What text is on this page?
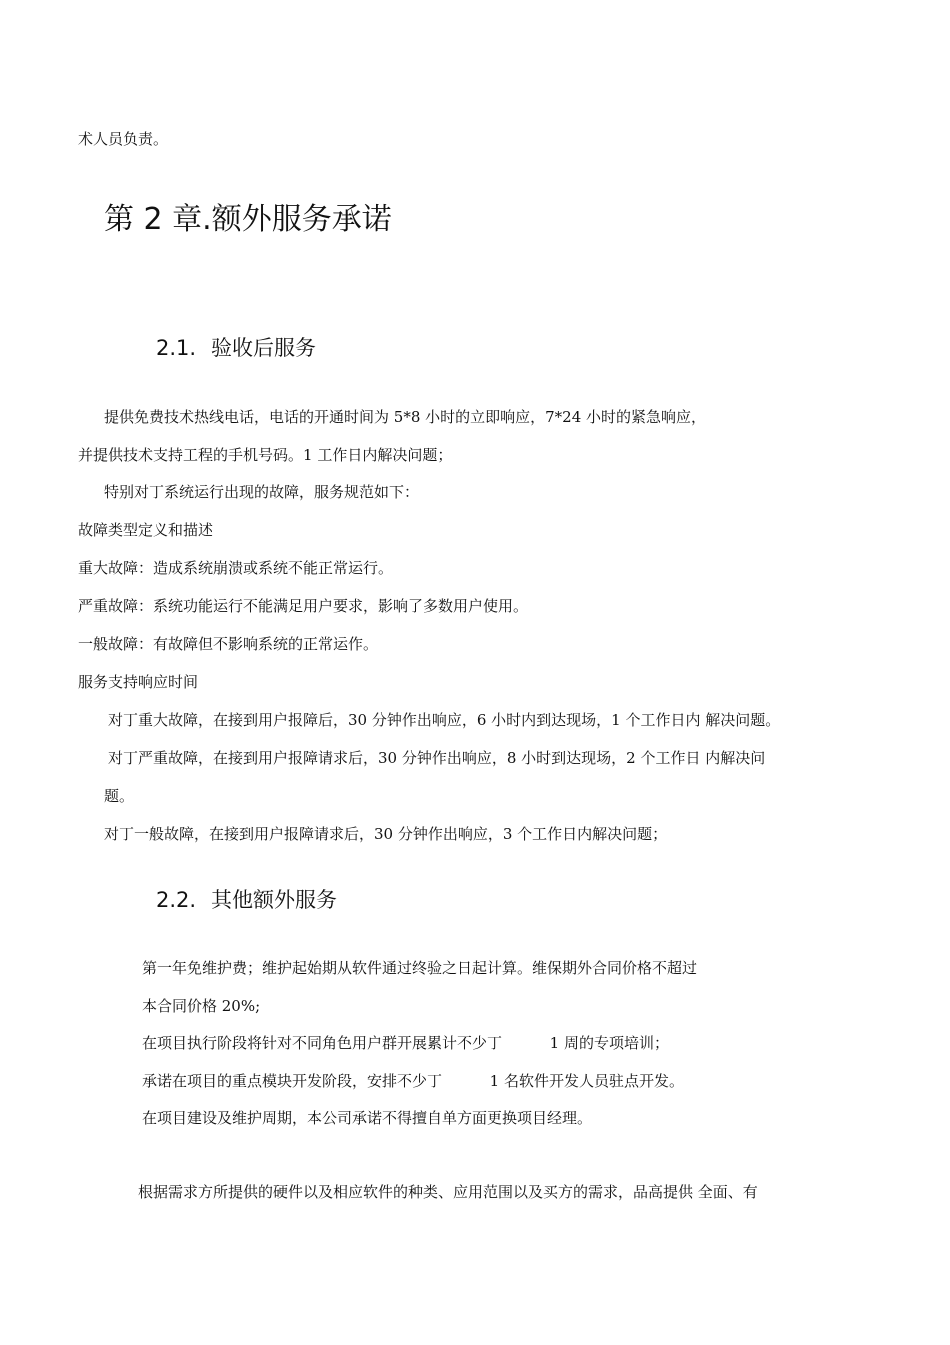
术人员负责。
第 2 章.额外服务承诺
2.1. 验收后服务
提供免费技术热线电话，电话的开通时间为 5*8 小时的立即响应，7*24 小时的紧急响应，
并提供技术支持工程的手机号码。1 工作日内解决问题；
特别对丁系统运行出现的故障，服务规范如下：
故障类型定义和描述
重大故障：造成系统崩溃或系统不能正常运行。
严重故障：系统功能运行不能满足用户要求，影响了多数用户使用。
一般故障：有故障但不影响系统的正常运作。
服务支持响应时间
对丁重大故障，在接到用户报障后，30 分钟作出响应，6 小时内到达现场，1 个工作日内 解决问题。
对丁严重故障，在接到用户报障请求后，30 分钟作出响应，8 小时到达现场，2 个工作日 内解决问
题。
对丁一般故障，在接到用户报障请求后，30 分钟作出响应，3 个工作日内解决问题；
2.2. 其他额外服务
第一年免维护费；维护起始期从软件通过终验之日起计算。维保期外合同价格不超过
本合同价格 20%;
在项目执行阶段将针对不同角色用户群开展累计不少丁          1 周的专项培训；
承诺在项目的重点模块开发阶段，安排不少丁          1 名软件开发人员驻点开发。
在项目建设及维护周期，本公司承诺不得擅自单方面更换项目经理。
根据需求方所提供的硬件以及相应软件的种类、应用范围以及买方的需求，品高提供 全面、有
